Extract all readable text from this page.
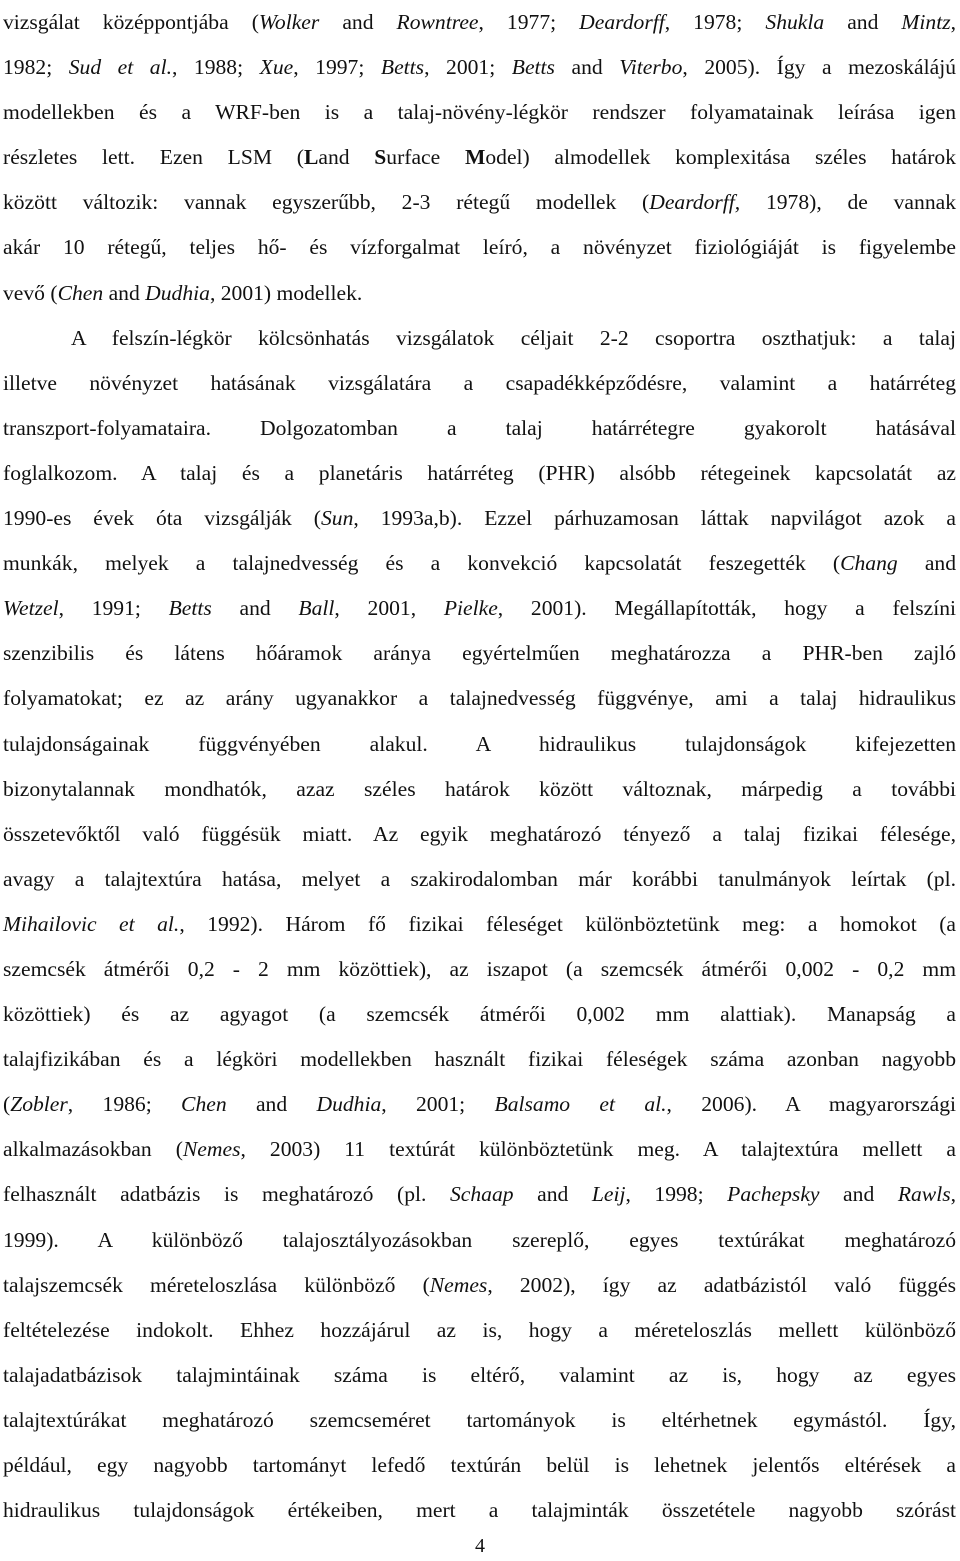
vizsgálat középpontjába (Wolker and Rowntree, 1977; Deardorff, 1978; Shukla and Mintz,
1982; Sud et al., 1988; Xue, 1997; Betts, 2001; Betts and Viterbo, 2005). Így a mezoskálájú
modellekben és a WRF-ben is a talaj-növény-légkör rendszer folyamatainak leírása igen
részletes lett. Ezen LSM (Land Surface Model) almodellek komplexitása széles határok
között változik: vannak egyszerűbb, 2-3 rétegű modellek (Deardorff, 1978), de vannak
akár 10 rétegű, teljes hő- és vízforgalmat leíró, a növényzet fiziológiáját is figyelembe
vevő (Chen and Dudhia, 2001) modellek.
A felszín-légkör kölcsönhatás vizsgálatok céljait 2-2 csoportra oszthatjuk: a talaj
illetve növényzet hatásának vizsgálatára a csapadékképződésre, valamint a határréteg
transzport-folyamataira. Dolgozatomban a talaj határrétegre gyakorolt hatásával
foglalkozom. A talaj és a planetáris határréteg (PHR) alsóbb rétegeinek kapcsolatát az
1990-es évek óta vizsgálják (Sun, 1993a,b). Ezzel párhuzamosan láttak napvilágot azok a
munkák, melyek a talajnedvesség és a konvekció kapcsolatát feszegették (Chang and
Wetzel, 1991; Betts and Ball, 2001, Pielke, 2001). Megállapították, hogy a felszíni
szenzibilis és látens hőáramok aránya egyértelműen meghatározza a PHR-ben zajló
folyamatokat; ez az arány ugyanakkor a talajnedvesség függvénye, ami a talaj hidraulikus
tulajdonságainak függvényében alakul. A hidraulikus tulajdonságok kifejezetten
bizonytalannak mondhatók, azaz széles határok között változnak, márpedig a további
összetevőktől való függésük miatt. Az egyik meghatározó tényező a talaj fizikai félesége,
avagy a talajtextúra hatása, melyet a szakirodalomban már korábbi tanulmányok leírtak (pl.
Mihailovic et al., 1992). Három fő fizikai féleséget különböztetünk meg: a homokot (a
szemcsék átmérői 0,2 - 2 mm közöttiek), az iszapot (a szemcsék átmérői 0,002 - 0,2 mm
közöttiek) és az agyagot (a szemcsék átmérői 0,002 mm alattiak). Manapság a
talajfizikában és a légköri modellekben használt fizikai féleségek száma azonban nagyobb
(Zobler, 1986; Chen and Dudhia, 2001; Balsamo et al., 2006). A magyarországi
alkalmazásokban (Nemes, 2003) 11 textúrát különböztetünk meg. A talajtextúra mellett a
felhasznált adatbázis is meghatározó (pl. Schaap and Leij, 1998; Pachepsky and Rawls,
1999). A különböző talajosztályozásokban szereplő, egyes textúrákat meghatározó
talajszemcsék méreteloszlása különböző (Nemes, 2002), így az adatbázistól való függés
feltételezése indokolt. Ehhez hozzájárul az is, hogy a méreteloszlás mellett különböző
talajadatbázisok talajmintáinak száma is eltérő, valamint az is, hogy az egyes
talajtextúrákat meghatározó szemcseméret tartományok is eltérhetnek egymástól. Így,
például, egy nagyobb tartományt lefedő textúrán belül is lehetnek jelentős eltérések a
hidraulikus tulajdonságok értékeiben, mert a talajminták összetétele nagyobb szórást
4
